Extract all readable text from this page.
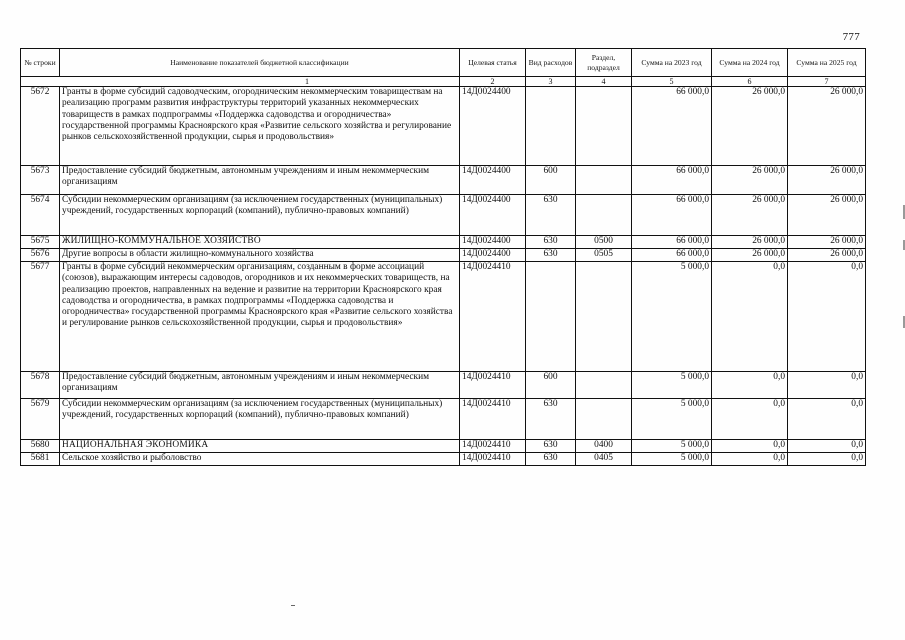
777
№ строки	Наименование показателей бюджетной классификации	Целевая статья	Вид расходов	Раздел, подраздел	Сумма на 2023 год	Сумма на 2024 год	Сумма на 2025 год
1		2	3	4	5	6	7
5672	Гранты в форме субсидий садоводческим, огородническим некоммерческим товариществам на реализацию программ развития инфраструктуры территорий указанных некоммерческих товариществ в рамках подпрограммы «Поддержка садоводства и огородничества» государственной программы Красноярского края «Развитие сельского хозяйства и регулирование рынков сельскохозяйственной продукции, сырья и продовольствия»	14Д0024400			66 000,0	26 000,0	26 000,0
5673	Предоставление субсидий бюджетным, автономным учреждениям и иным некоммерческим организациям	14Д0024400	600		66 000,0	26 000,0	26 000,0
5674	Субсидии некоммерческим организациям (за исключением государственных (муниципальных) учреждений, государственных корпораций (компаний), публично-правовых компаний)	14Д0024400	630		66 000,0	26 000,0	26 000,0
5675	ЖИЛИЩНО-КОММУНАЛЬНОЕ ХОЗЯЙСТВО	14Д0024400	630	0500	66 000,0	26 000,0	26 000,0
5676	Другие вопросы в области жилищно-коммунального хозяйства	14Д0024400	630	0505	66 000,0	26 000,0	26 000,0
5677	Гранты в форме субсидий некоммерческим организациям, созданным в форме ассоциаций (союзов), выражающим интересы садоводов, огородников и их некоммерческих товариществ, на реализацию проектов, направленных на ведение и развитие на территории Красноярского края садоводства и огородничества, в рамках подпрограммы «Поддержка садоводства и огородничества» государственной программы Красноярского края «Развитие сельского хозяйства и регулирование рынков сельскохозяйственной продукции, сырья и продовольствия»	14Д0024410			5 000,0	0,0	0,0
5678	Предоставление субсидий бюджетным, автономным учреждениям и иным некоммерческим организациям	14Д0024410	600		5 000,0	0,0	0,0
5679	Субсидии некоммерческим организациям (за исключением государственных (муниципальных) учреждений, государственных корпораций (компаний), публично-правовых компаний)	14Д0024410	630		5 000,0	0,0	0,0
5680	НАЦИОНАЛЬНАЯ ЭКОНОМИКА	14Д0024410	630	0400	5 000,0	0,0	0,0
5681	Сельское хозяйство и рыболовство	14Д0024410	630	0405	5 000,0	0,0	0,0
